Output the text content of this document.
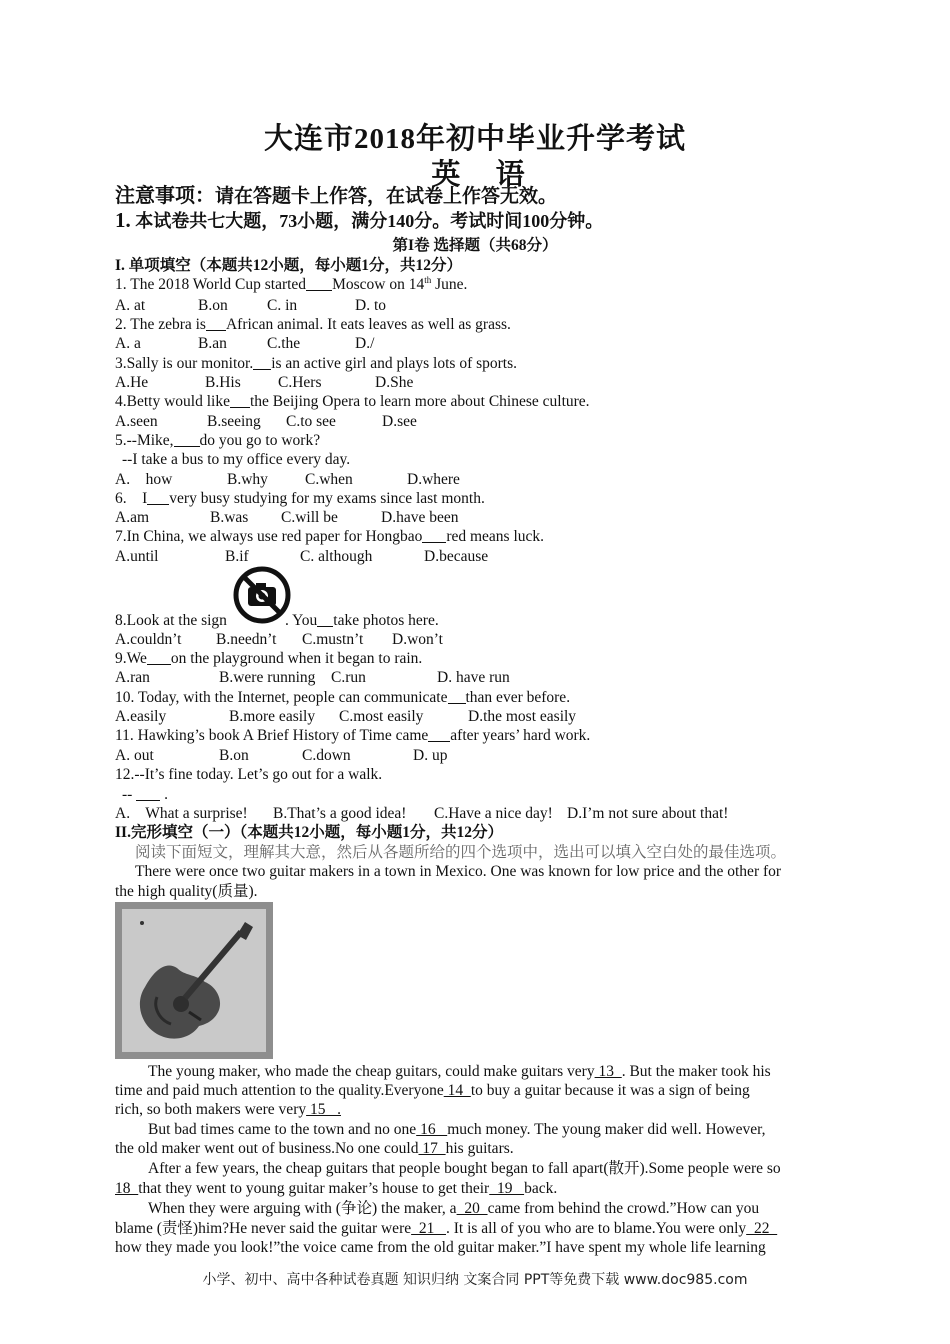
大连市2018年初中毕业升学考试
英 语
注意事项：请在答题卡上作答，在试卷上作答无效。
1. 本试卷共七大题，73小题，满分140分。考试时间100分钟。
第I卷 选择题（共68分）
I. 单项填空（本题共12小题，每小题1分，共12分）
1. The 2018 World Cup started Moscow on 14th June.
A. at	B.on	C. in	D. to
2. The zebra is African animal. It eats leaves as well as grass.
A. a	B.an	C.the	D./
3.Sally is our monitor. is an active girl and plays lots of sports.
A.He	B.His C.Hers	D.She
4.Betty would like the Beijing Opera to learn more about Chinese culture.
A.seen	B.seeing C.to see	D.see
5.--Mike, do you go to work?
--I take a bus to my office every day.
A.    how	B.why C.when	D.where
6.    I very busy studying for my exams since last month.
A.am	B.was C.will be	D.have been
7.In China, we always use red paper for Hongbao red means luck.
A.until	B.if	C. although	D.because
8.Look at the sign	. You take photos here.
A.couldn’t B.needn’t C.mustn’t D.won’t
9.We on the playground when it began to rain.
A.ran	B.were running C.run	D. have run
10. Today, with the Internet, people can communicate than ever before.
A.easily	B.more easily C.most easily	D.the most easily
11. Hawking’s book A Brief History of Time came after years’ hard work.
A. out	B.on	C.down	D. up
12.--It’s fine today. Let’s go out for a walk.
--  .
A.    What a surprise! B.That’s a good idea! C.Have a nice day! D.I’m not sure about that!
II.完形填空（一）（本题共12小题，每小题1分，共12分）
阅读下面短文，理解其大意，然后从各题所给的四个选项中，选出可以填入空白处的最佳选项。
There were once two guitar makers in a town in Mexico. One was known for low price and the other for
the high quality(质量).
The young maker, who made the cheap guitars, could make guitars very 13  . But the maker took his
time and paid much attention to the quality.Everyone 14  to buy a guitar because it was a sign of being
rich, so both makers were very 15   .
But bad times came to the town and no one 16   much money. The young maker did well. However,
the old maker went out of business.No one could 17  his guitars.
After a few years, the cheap guitars that people bought began to fall apart(散开).Some people were so
18  that they went to young guitar maker’s house to get their  19   back.
When they were arguing with (争论) the maker, a  20  came from behind the crowd.”How can you
blame (责怪)him?He never said the guitar were  21   . It is all of you who are to blame.You were only  22
how they made you look!”the voice came from the old guitar maker.”I have spent my whole life learning
小学、初中、高中各种试卷真题 知识归纳 文案合同 PPT等免费下载 www.doc985.com
